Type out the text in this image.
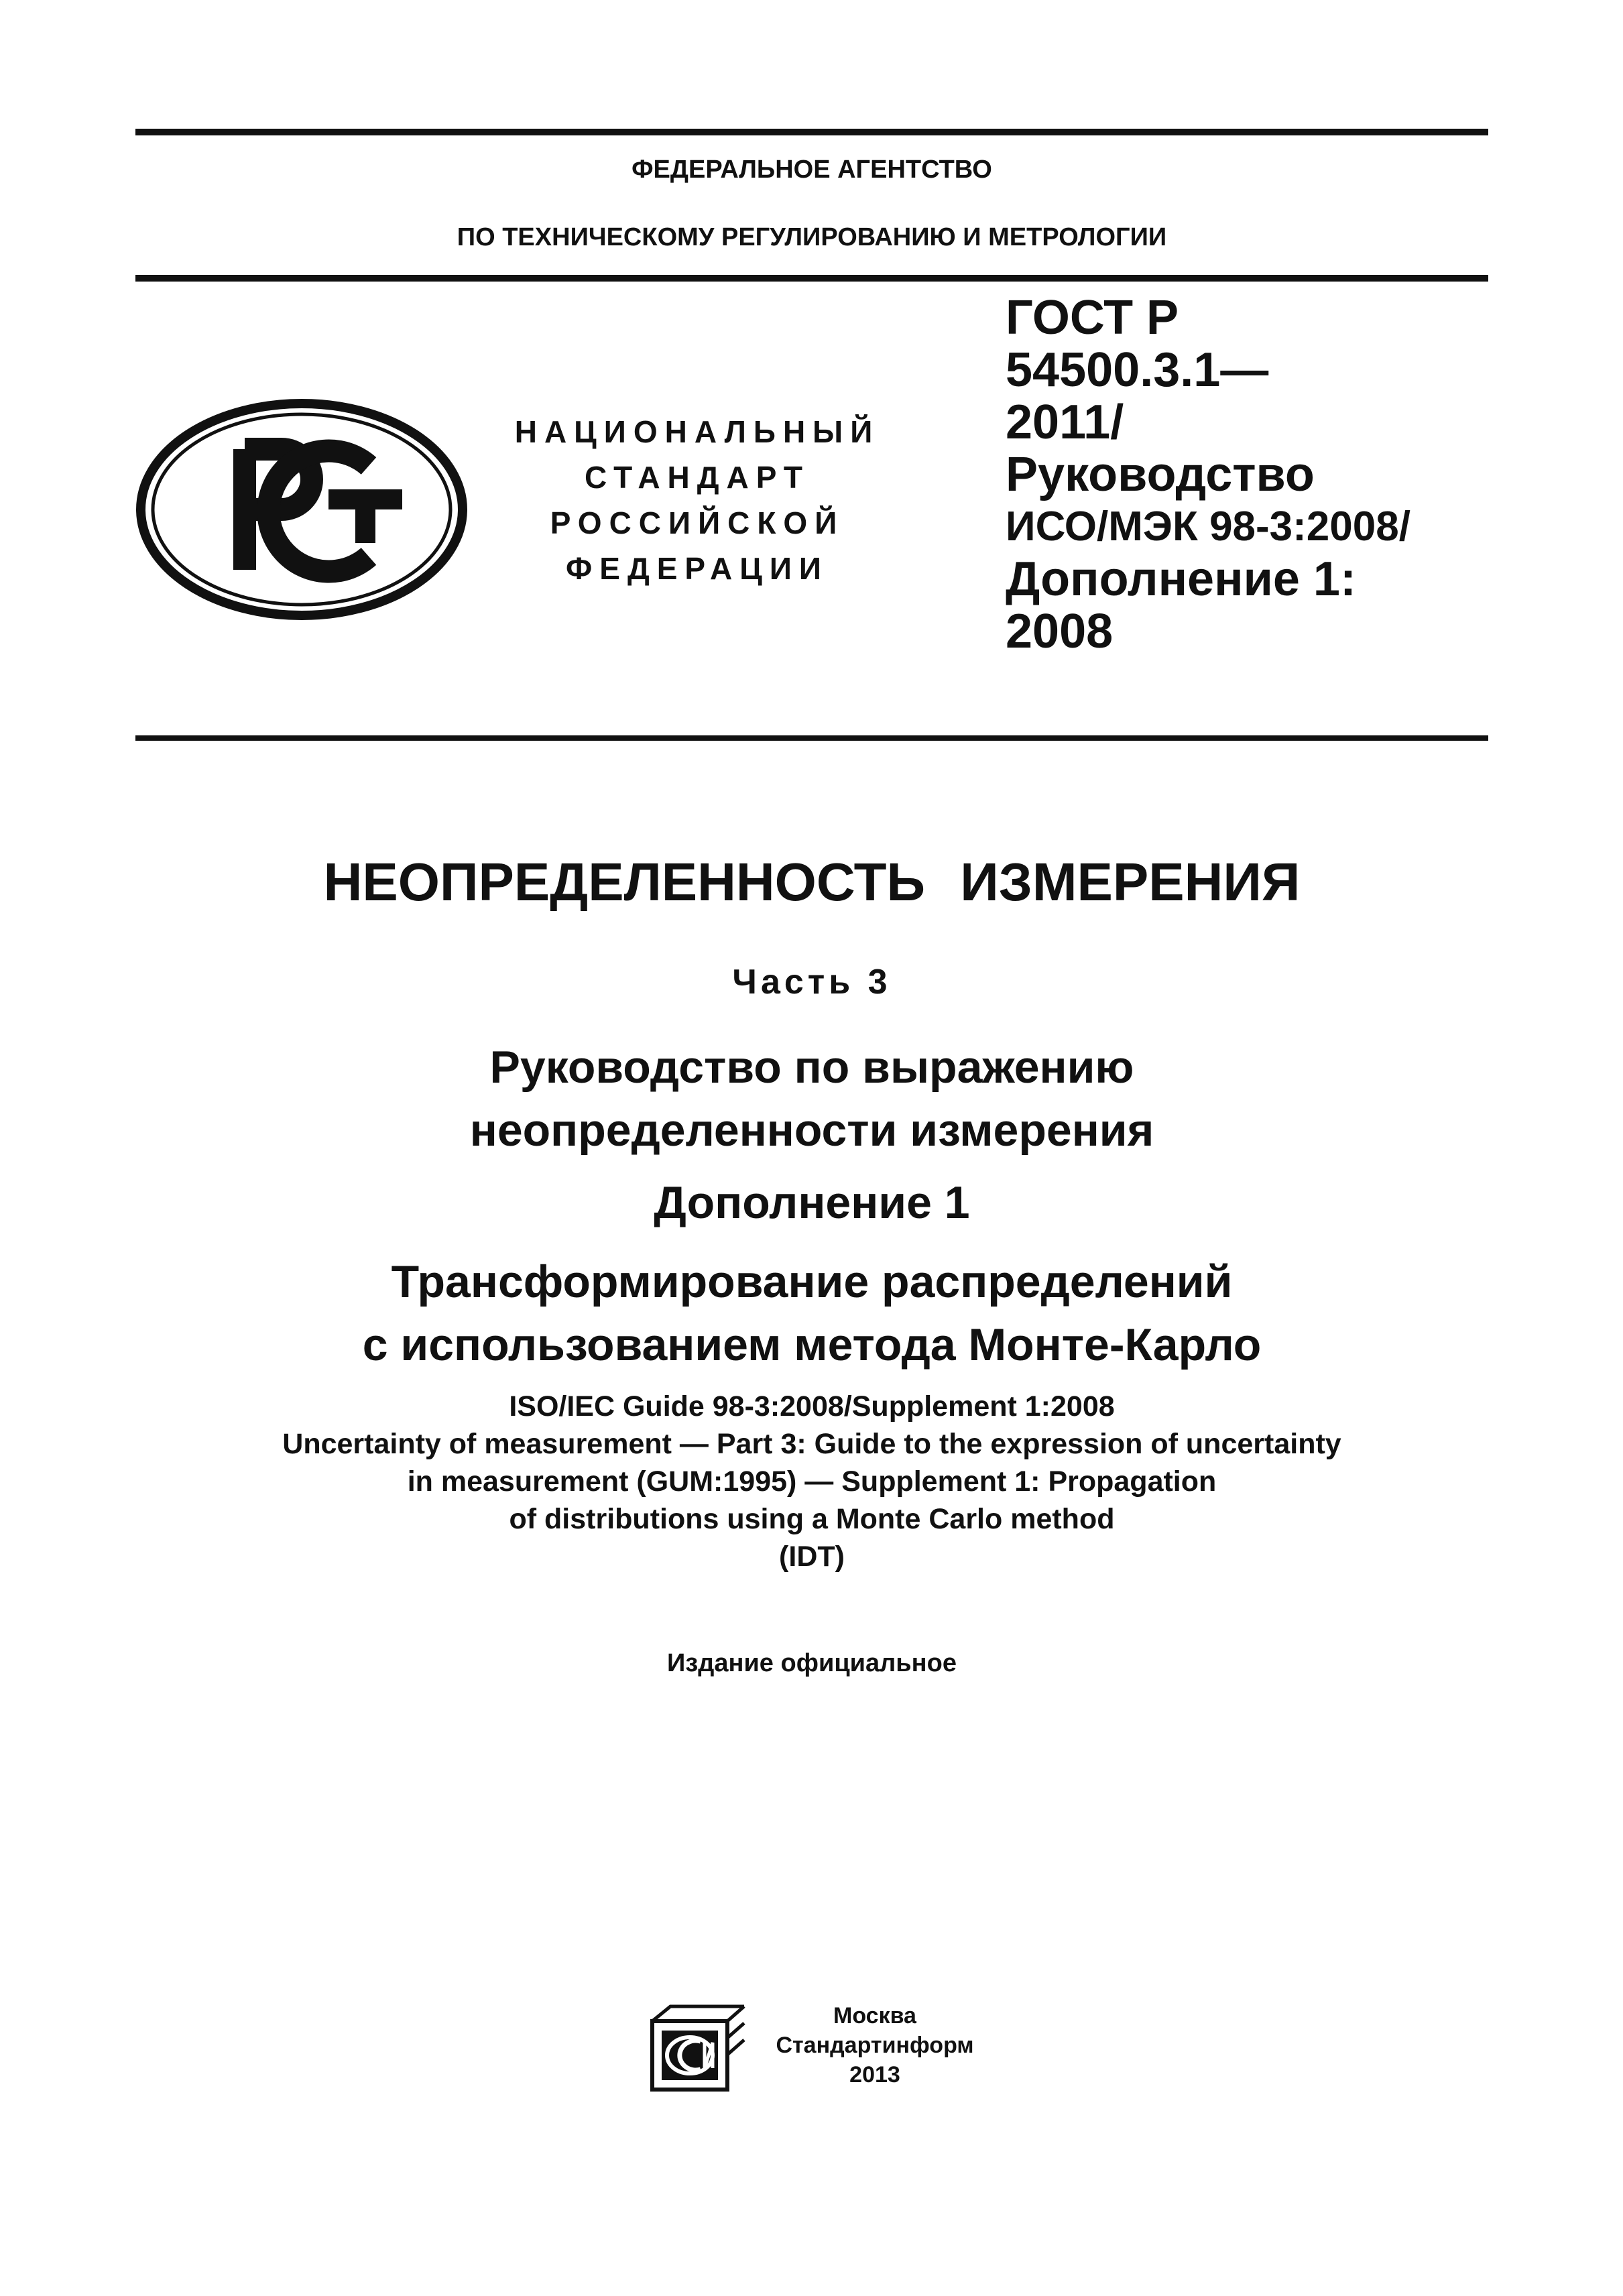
ФЕДЕРАЛЬНОЕ АГЕНТСТВО
ПО ТЕХНИЧЕСКОМУ РЕГУЛИРОВАНИЮ И МЕТРОЛОГИИ
НАЦИОНАЛЬНЫЙ
СТАНДАРТ
РОССИЙСКОЙ
ФЕДЕРАЦИИ
ГОСТ Р
54500.3.1—
2011/
Руководство
ИСО/МЭК 98-3:2008/
Дополнение 1:
2008
НЕОПРЕДЕЛЕННОСТЬ ИЗМЕРЕНИЯ
Часть 3
Руководство по выражению
неопределенности измерения
Дополнение 1
Трансформирование распределений
с использованием метода Монте-Карло
ISO/IEC Guide 98-3:2008/Supplement 1:2008
Uncertainty of measurement — Part 3: Guide to the expression of uncertainty
in measurement (GUM:1995) — Supplement 1: Propagation
of distributions using a Monte Carlo method
(IDT)
Издание официальное
Москва
Стандартинформ
2013
